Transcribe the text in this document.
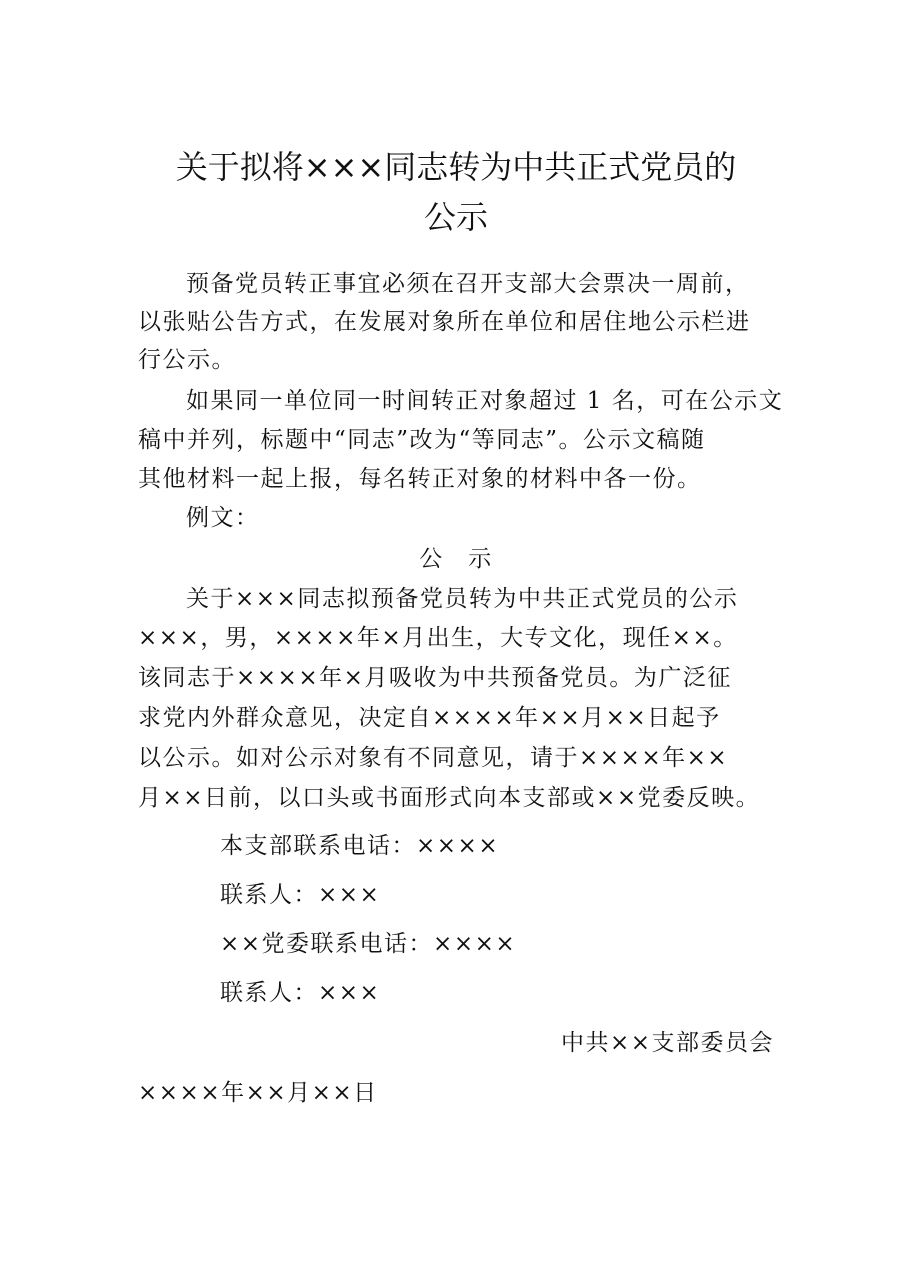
关于拟将×××同志转为中共正式党员的
公示
预备党员转正事宜必须在召开支部大会票决一周前，
以张贴公告方式，在发展对象所在单位和居住地公示栏进
行公示。
如果同一单位同一时间转正对象超过 1 名，可在公示文
稿中并列，标题中“同志”改为“等同志”。公示文稿随
其他材料一起上报，每名转正对象的材料中各一份。
例文：
公　示
关于×××同志拟预备党员转为中共正式党员的公示
×××，男，××××年×月出生，大专文化，现任××。
该同志于××××年×月吸收为中共预备党员。为广泛征
求党内外群众意见，决定自××××年××月××日起予
以公示。如对公示对象有不同意见，请于××××年××
月××日前，以口头或书面形式向本支部或××党委反映。
本支部联系电话：××××
联系人：×××
××党委联系电话：××××
联系人：×××
中共××支部委员会
××××年××月××日
